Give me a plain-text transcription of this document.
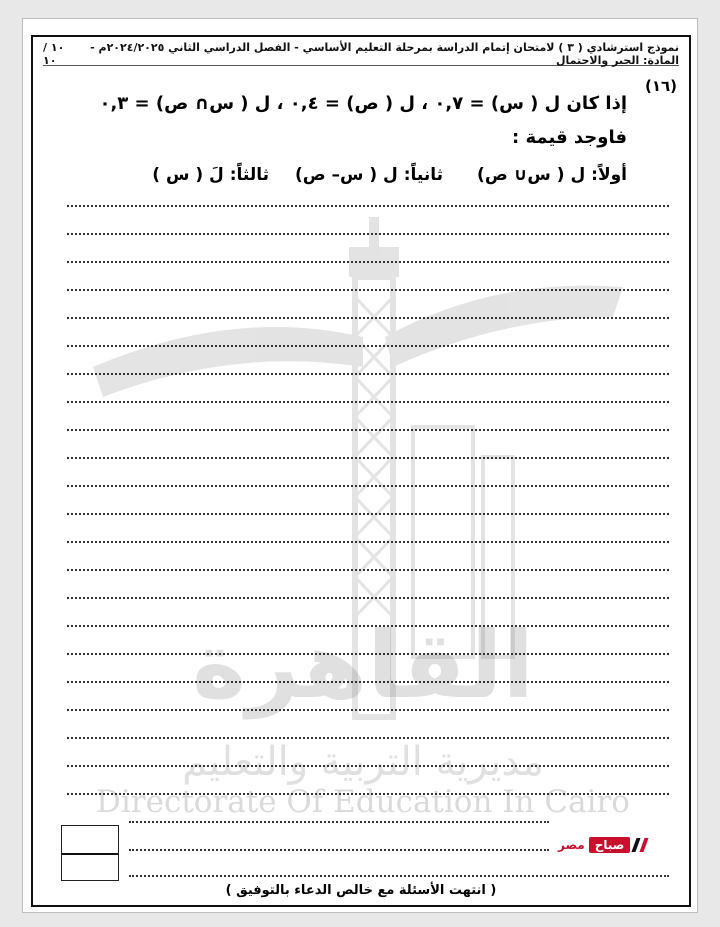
القاهرة
مديرية التربية والتعليم
Directorate Of Education In Cairo
نموذج استرشادي ( ٣ ) لامتحان إتمام الدراسة بمرحلة التعليم الأساسي - الفصل الدراسي الثاني ٢٠٢٤/٢٠٢٥م - المادة: الجبر والاحتمال
١٠ / ١٠
(١٦)
إذا كان ل ( س) = ٠,٧ ، ل ( ص) = ٠,٤ ، ل ( س∩ ص) = ٠,٣
فاوجد قيمة :
أولاً: ل ( س∪ ص)
ثانياً: ل ( س– ص)
ثالثاً: لَ ( س )
صباح
مصر
( انتهت الأسئلة مع خالص الدعاء بالتوفيق )
